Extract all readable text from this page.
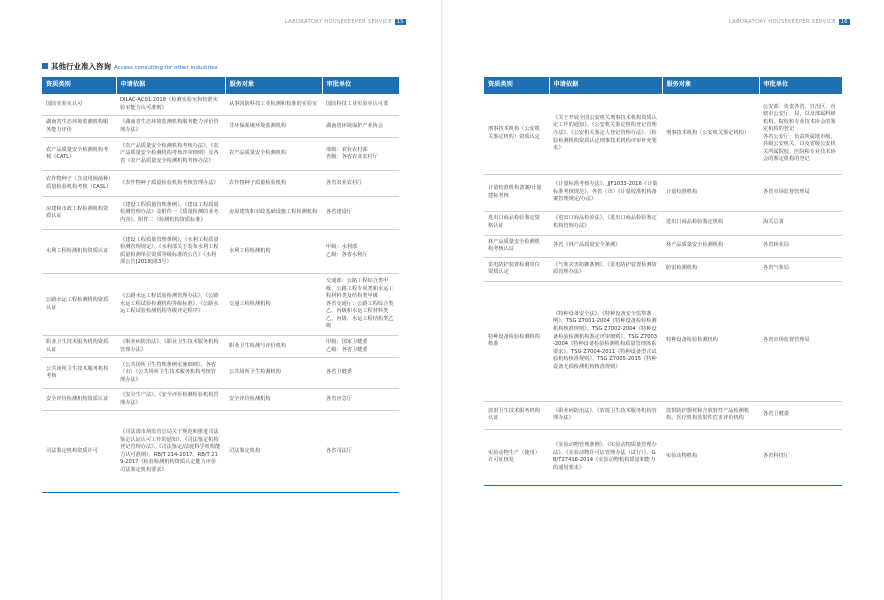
LABORATORY HOUSEKEEPER SERVICE 15	LABORATORY HOUSEKEEPER SERVICE 16
其他行业准入咨询 Access consulting for other industries
资质类别	申请依据	服务对象	审批单位
国防实验室认可	DILAC-AC01:2018《检测实验室和校准实验室能力认可准则》	从事国防科技工业检测和校准的实验室	国防科技工业实验室认可委
湖南省生态环境监测机构服务能力评价	《湖南省生态环境监测机构服务能力评价管理办法》	非环保系统环境监测机构	湖南省环境保护产业协会
农产品质量安全检测机构考核（CATL）	《农产品质量安全检测机构考核办法》、《农产品质量安全检测机构考核评审细则》及各省《农产品质量安全检测机构考核办法》	农产品质量安全检测机构	部级：农业农村部
省级：各省农业农村厅
农作物种子（含食用菌菌种）质量检验机构考核（CASL）	《农作物种子质量检验机构考核管理办法》	农作物种子质量检验机构	各省农业农村厅
房建和市政工程检测机构资质认证	《建设工程质量管理条例》、《建设工程质量检测管理办法》及附件一《质量检测的业务内容》、附件二《检测机构资质标准》	房屋建筑和市政基础设施工程检测机构	各省建设厅
水利工程检测机构资质认证	《建设工程质量管理条例》、《水利工程质量检测管理规定》、《水利部关于发布水利工程质量检测单位资质等级标准的公告》（水利部公告[2018]第3号）	水利工程检测机构	甲级：水利部
乙级：各省水利厅
公路水运工程检测机构资质认证	《公路水运工程试验检测管理办法》、《公路水运工程试验检测机构等级标准》、《公路水运工程试验检测机构等级评定程序》	交通工程检测机构	交通部：公路工程综合类甲级、公路工程专项类和水运工程材料类及结构类甲级
各省交通厅：公路工程综合类乙、丙级和水运工程材料类乙、丙级、水运工程结构类乙级
职业卫生技术服务机构资质认证	《职业病防治法》、《职业卫生技术服务机构管理办法》	职业卫生检测与评价机构	甲级：国家卫健委
乙级：各省卫健委
公共场所卫生技术服务机构考核	《公共场所卫生管理条例实施细则》、各省（市）《公共场所卫生技术服务机构考核管理办法》	公共场所卫生检测机构	各省卫健委
安全评价检测机构资质认证	《安全生产法》、《安全评价检测检验机构管理办法》	安全评价检测机构	各省应急厅
司法鉴定机构资质许可	《司法部市场监管总局关于规范和推进司法鉴定认证认可工作的通知》、《司法鉴定机构登记管理办法》、《司法鉴定/法庭科学机构能力认可准则》、RB/T 214-2017、RB/T 219-2017《检验检测机构资质认定能力评价 司法鉴定机构要求》	司法鉴定机构	各省司法厅
资质类别	申请依据	服务对象	审批单位
刑事技术机构（公安机关鉴定机构）资质认定	《关于开展全国公安机关刑事技术机构资质认定工作的通知》、《公安机关鉴定机构登记管理办法》、《公安机关鉴定人登记管理办法》、《检验检测机构资质认定刑事技术机构评审补充要求》	刑事技术机构（公安机关鉴定机构）	公安部：负责各省、自治区、直辖市公安厅、局，以及部属科研机构、院校和专业技术协会的鉴定机构的登记
各省公安厅：负责所属地市级、县级公安机关，以及省级公安机关所属院校、医院和专业技术协会的鉴定机构的登记
计量校准机构备案/计量建标考核	《计量标准考核办法》、JJF1033-2016《计量标准考核规范》、各省（市）《计量校准机构备案管理规定/办法》	计量校准机构	各省市场监督管理局
进出口商品检验鉴定资格认证	《进出口商品检验法》、《进出口商品检验鉴定机构管理办法》	进出口商品检验鉴定机构	海关总署
林产品质量安全检测机构考核认证	各省《林产品质量安全条例》	林产品质量安全检测机构	各省林业局
雷电防护装置检测单位资质认定	《气象灾害防御条例》、《雷电防护装置检测资质管理办法》	防雷检测机构	各省气象局
特种设备检验检测机构核准	《特种设备安全法》、《特种设备安全监察条例》、TSG Z7001-2004《特种设备检验检测机构核准规则》、TSG Z7002-2004《特种设备检验检测机构鉴定评审细则》、TSG Z7003-2004《特种设备检验检测机构质量管理体系要求》、TSG Z7004-2011《特种设备型式试验机构核准规则》、TSG Z7005-2015《特种设备无损检测机构核准规则》	特种设备检验检测机构	各省市场监督管理局
放射卫生技术服务机构认证	《职业病防治法》、《放射卫生技术服务机构管理办法》	放射防护器材和含放射性产品检测机构、医疗机构放射性危害评价机构	各省卫健委
实验动物生产（使用）许可证核发	《实验动物管理条例》、《实验动物质量管理办法》、《实验动物许可证管理办法（试行）》、GB/T27416-2014《实验动物机构质量和能力的通用要求》	实验动物机构	各省科技厅
